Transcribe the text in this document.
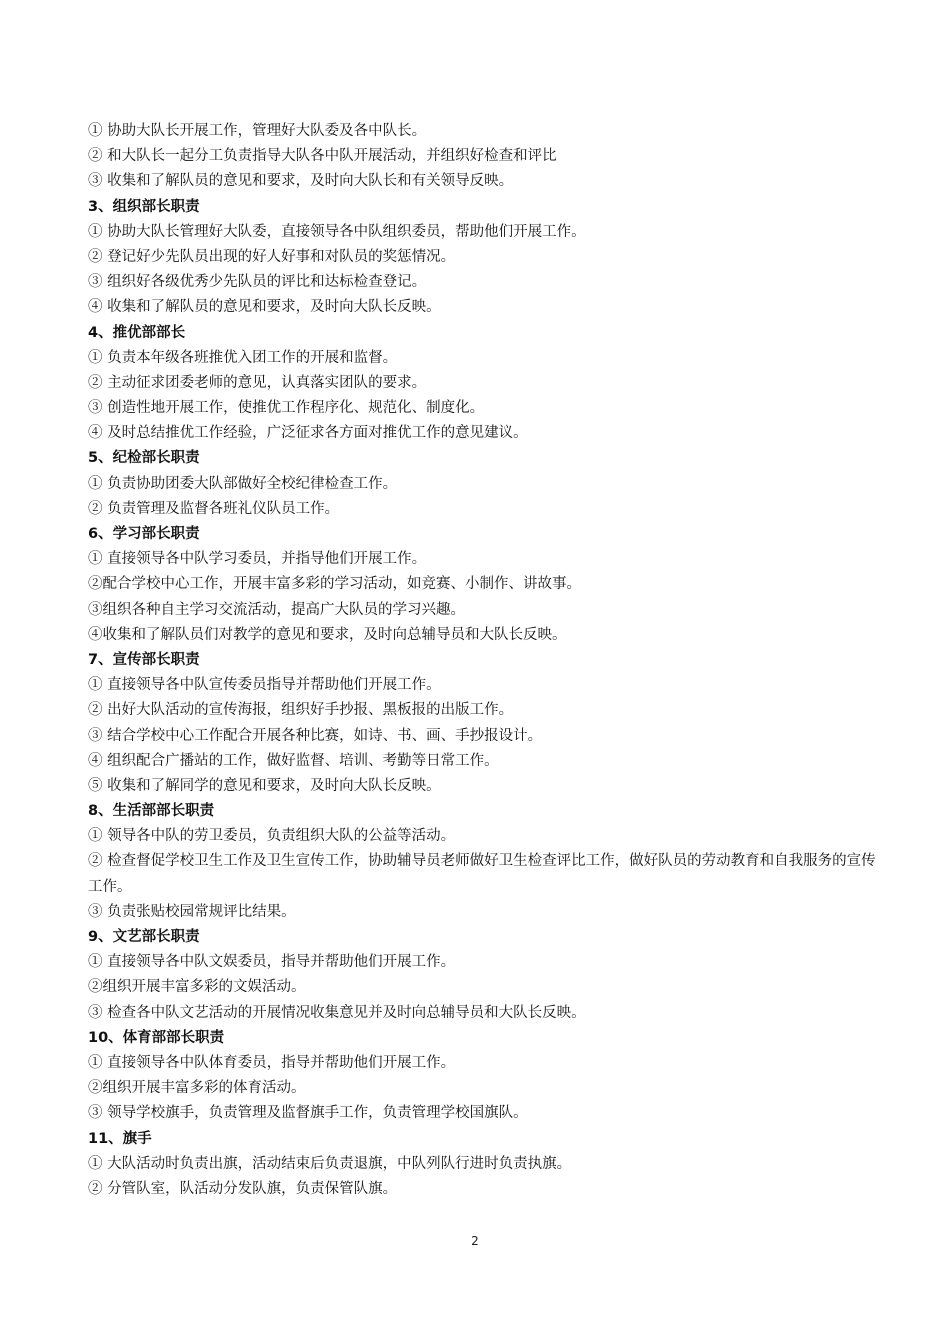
① 协助大队长开展工作，管理好大队委及各中队长。
② 和大队长一起分工负责指导大队各中队开展活动，并组织好检查和评比
③ 收集和了解队员的意见和要求，及时向大队长和有关领导反映。
3、组织部长职责
① 协助大队长管理好大队委，直接领导各中队组织委员，帮助他们开展工作。
② 登记好少先队员出现的好人好事和对队员的奖惩情况。
③ 组织好各级优秀少先队员的评比和达标检查登记。
④ 收集和了解队员的意见和要求，及时向大队长反映。
4、推优部部长
① 负责本年级各班推优入团工作的开展和监督。
② 主动征求团委老师的意见，认真落实团队的要求。
③ 创造性地开展工作，使推优工作程序化、规范化、制度化。
④ 及时总结推优工作经验，广泛征求各方面对推优工作的意见建议。
5、纪检部长职责
① 负责协助团委大队部做好全校纪律检查工作。
② 负责管理及监督各班礼仪队员工作。
6、学习部长职责
① 直接领导各中队学习委员，并指导他们开展工作。
②配合学校中心工作，开展丰富多彩的学习活动，如竞赛、小制作、讲故事。
③组织各种自主学习交流活动，提高广大队员的学习兴趣。
④收集和了解队员们对教学的意见和要求，及时向总辅导员和大队长反映。
7、宣传部长职责
① 直接领导各中队宣传委员指导并帮助他们开展工作。
② 出好大队活动的宣传海报，组织好手抄报、黑板报的出版工作。
③ 结合学校中心工作配合开展各种比赛，如诗、书、画、手抄报设计。
④ 组织配合广播站的工作，做好监督、培训、考勤等日常工作。
⑤ 收集和了解同学的意见和要求，及时向大队长反映。
8、生活部部长职责
① 领导各中队的劳卫委员，负责组织大队的公益等活动。
② 检查督促学校卫生工作及卫生宣传工作，协助辅导员老师做好卫生检查评比工作，做好队员的劳动教育和自我服务的宣传工作。
③ 负责张贴校园常规评比结果。
9、文艺部长职责
① 直接领导各中队文娱委员，指导并帮助他们开展工作。
②组织开展丰富多彩的文娱活动。
③ 检查各中队文艺活动的开展情况收集意见并及时向总辅导员和大队长反映。
10、体育部部长职责
① 直接领导各中队体育委员，指导并帮助他们开展工作。
②组织开展丰富多彩的体育活动。
③ 领导学校旗手，负责管理及监督旗手工作，负责管理学校国旗队。
11、旗手
① 大队活动时负责出旗，活动结束后负责退旗，中队列队行进时负责执旗。
② 分管队室，队活动分发队旗，负责保管队旗。
2
